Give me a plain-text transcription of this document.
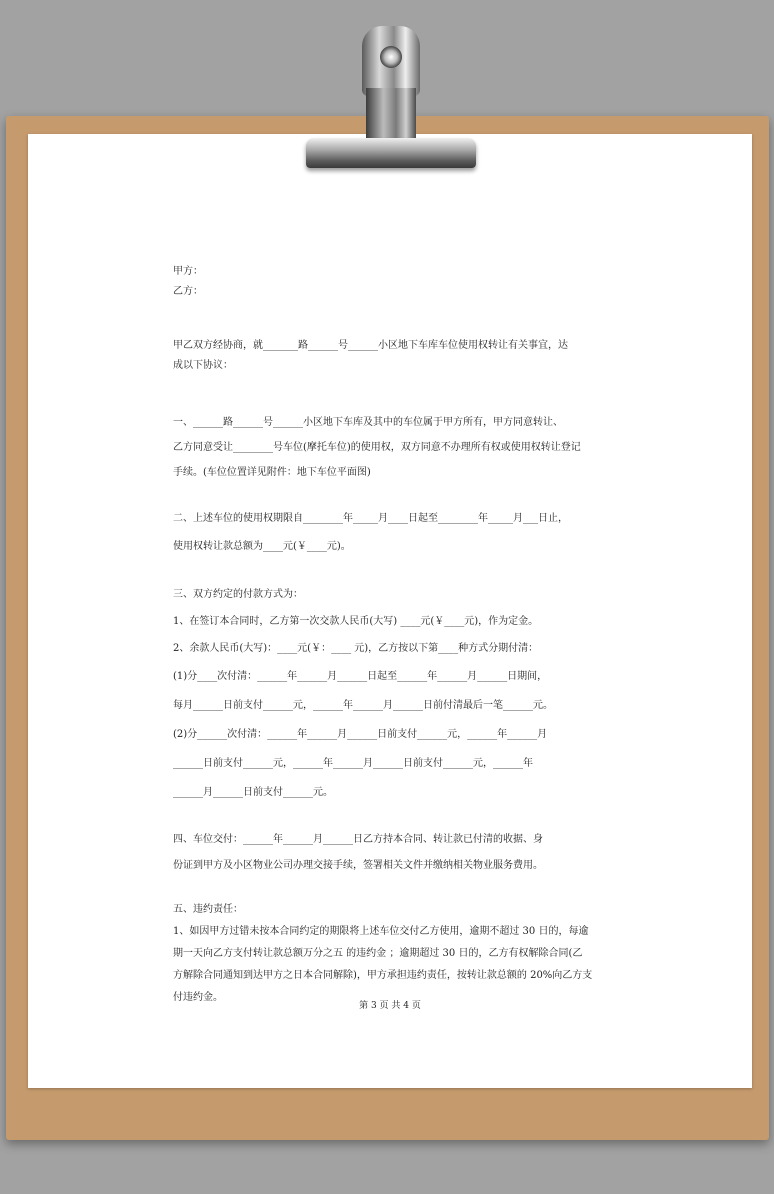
甲方：

乙方：

甲乙双方经协商，就_______路______号______小区地下车库车位使用权转让有关事宜，达

成以下协议：

一、______路______号______小区地下车库及其中的车位属于甲方所有，甲方同意转让、

乙方同意受让________号车位(摩托车位)的使用权，双方同意不办理所有权或使用权转让登记

手续。(车位位置详见附件：地下车位平面图)

二、上述车位的使用权期限自________年_____月____日起至________年_____月___日止，

使用权转让款总额为____元(￥____元)。

三、双方约定的付款方式为：

1、在签订本合同时，乙方第一次交款人民币(大写) ____元(￥____元)，作为定金。

2、余款人民币(大写)：____元(￥：____ 元)，乙方按以下第____种方式分期付清：

(1)分____次付清：______年______月______日起至______年______月______日期间，

每月______日前支付______元，______年______月______日前付清最后一笔______元。

(2)分______次付清：______年______月______日前支付______元，______年______月

______日前支付______元，______年______月______日前支付______元，______年

______月______日前支付______元。

四、车位交付：______年______月______日乙方持本合同、转让款已付清的收据、身

份证到甲方及小区物业公司办理交接手续，签署相关文件并缴纳相关物业服务费用。

五、违约责任：

1、如因甲方过错未按本合同约定的期限将上述车位交付乙方使用，逾期不超过 30 日的，每逾

期一天向乙方支付转让款总额万分之五 的违约金 ；逾期超过 30 日的，乙方有权解除合同(乙

方解除合同通知到达甲方之日本合同解除)，甲方承担违约责任，按转让款总额的 20%向乙方支

付违约金。

第 3 页 共 4 页
